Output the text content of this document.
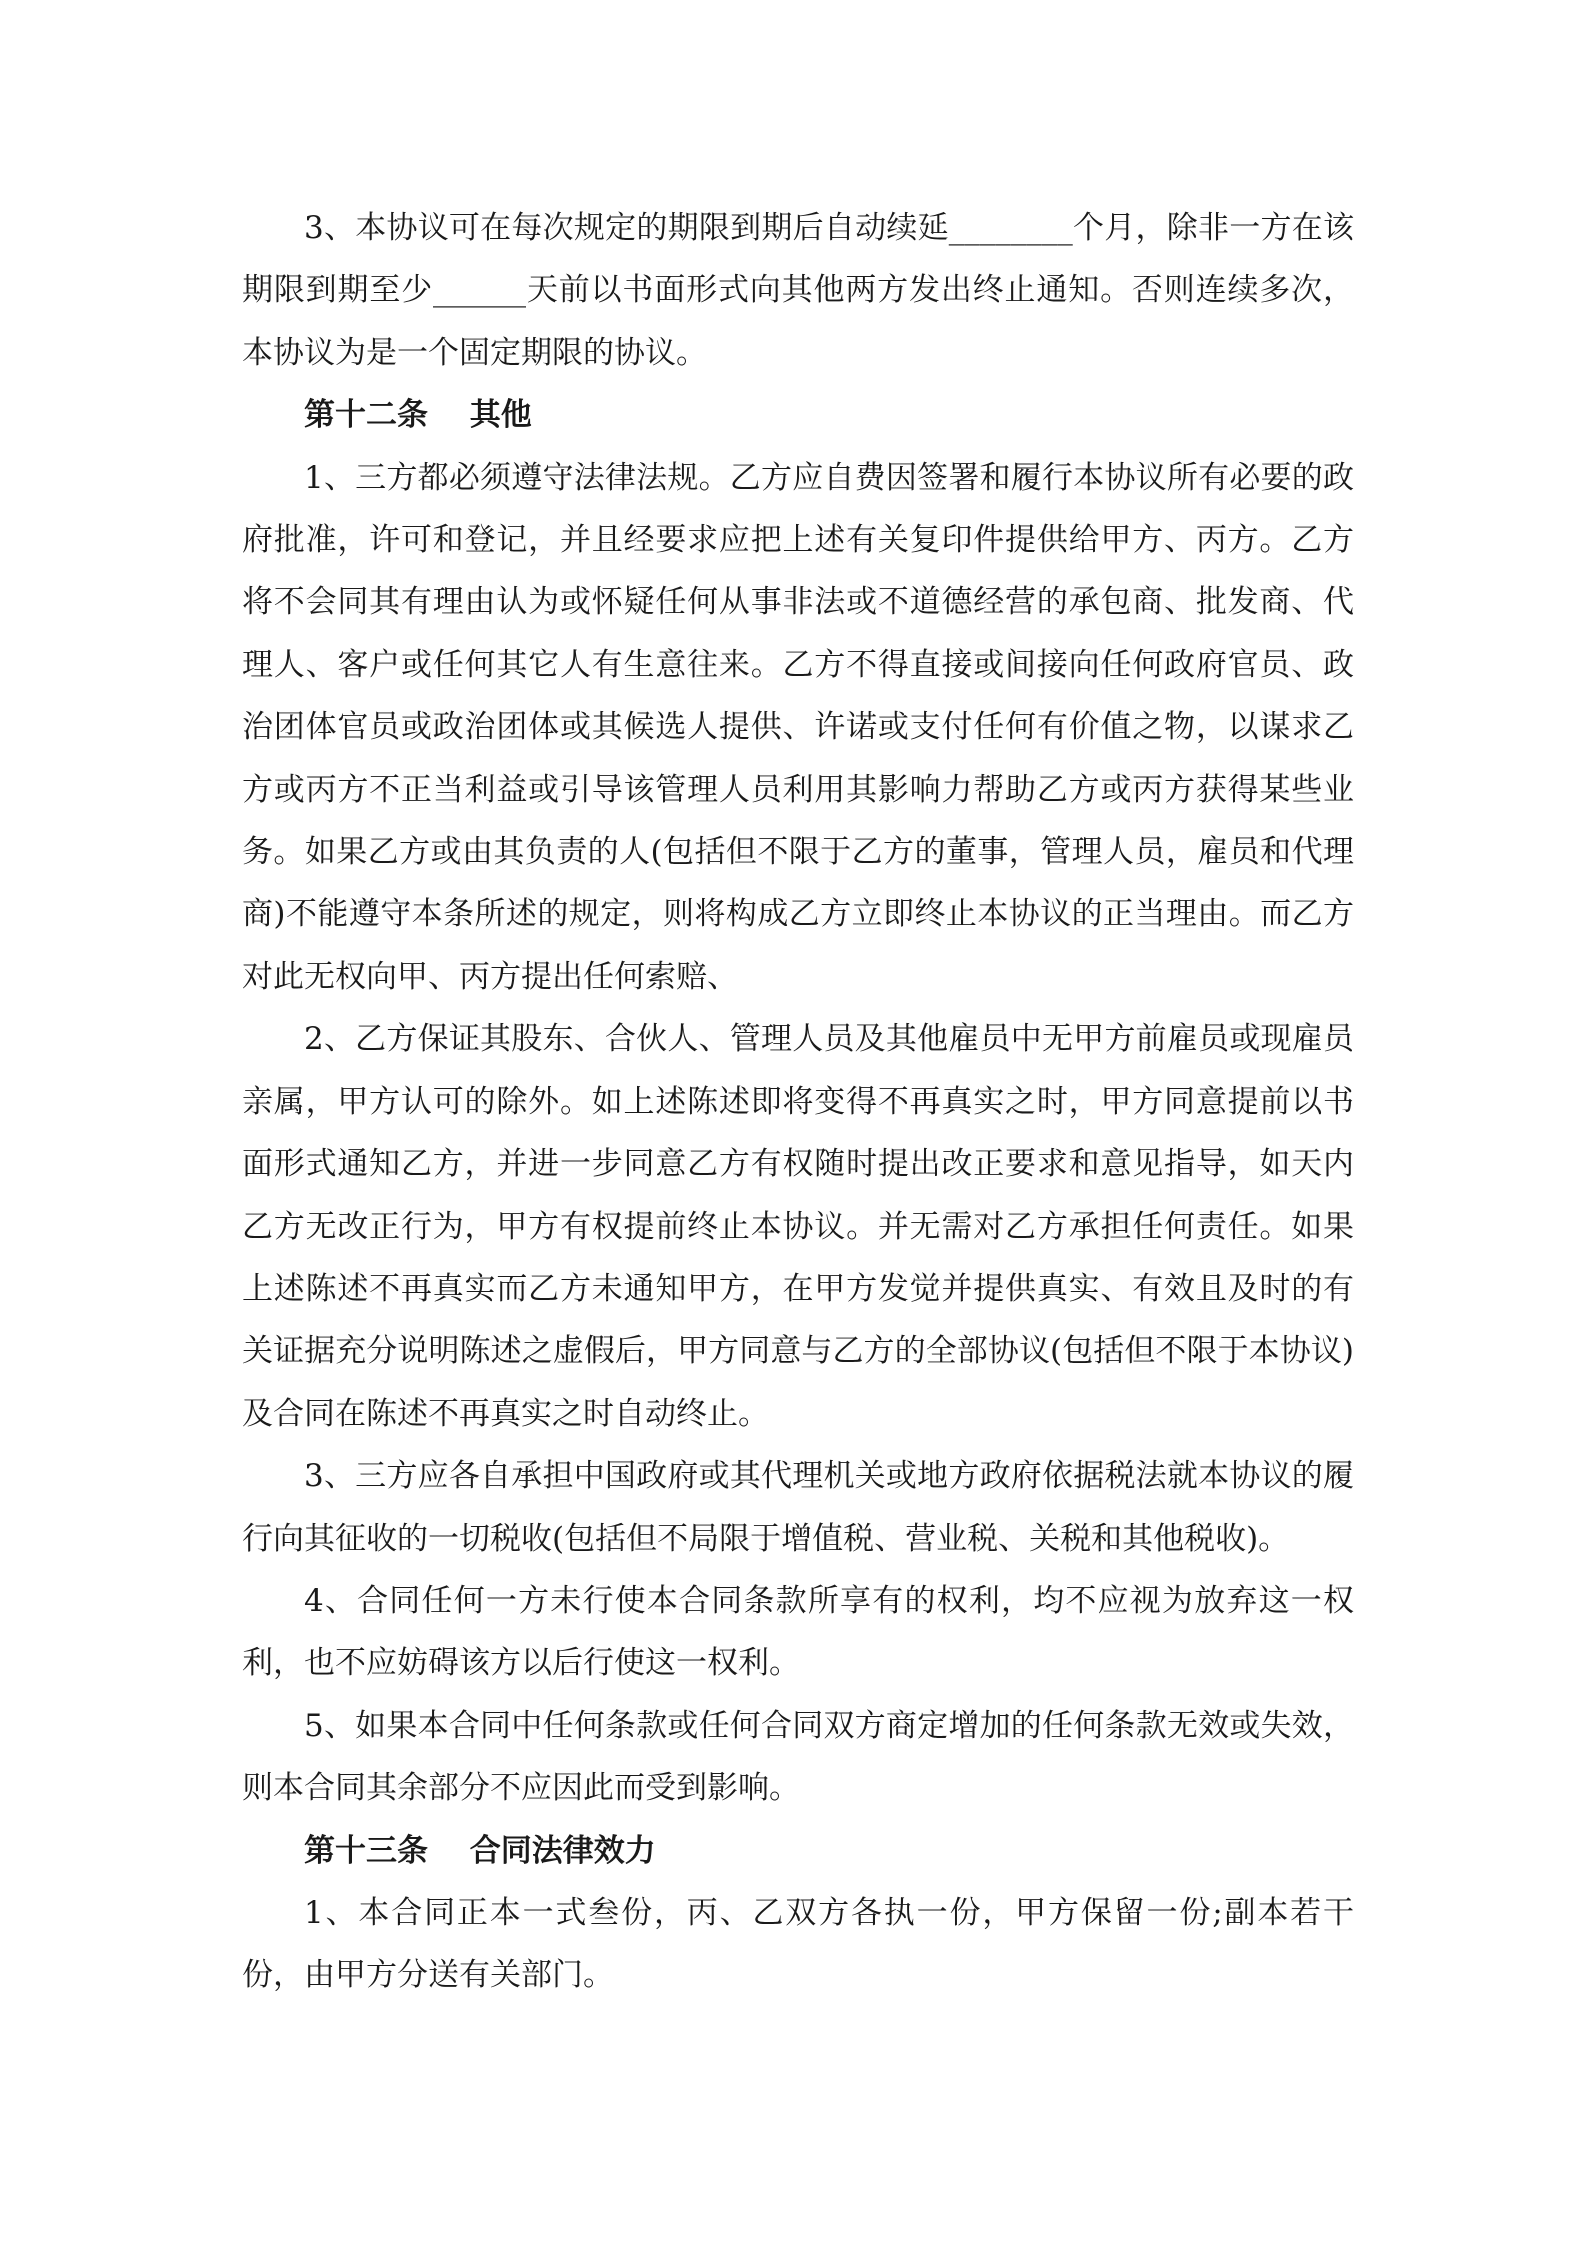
3、本协议可在每次规定的期限到期后自动续延________个月，除非一方在该期限到期至少______天前以书面形式向其他两方发出终止通知。否则连续多次，本协议为是一个固定期限的协议。

第十二条　 其他

1、三方都必须遵守法律法规。乙方应自费因签署和履行本协议所有必要的政府批准，许可和登记，并且经要求应把上述有关复印件提供给甲方、丙方。乙方将不会同其有理由认为或怀疑任何从事非法或不道德经营的承包商、批发商、代理人、客户或任何其它人有生意往来。乙方不得直接或间接向任何政府官员、政治团体官员或政治团体或其候选人提供、许诺或支付任何有价值之物，以谋求乙方或丙方不正当利益或引导该管理人员利用其影响力帮助乙方或丙方获得某些业务。如果乙方或由其负责的人(包括但不限于乙方的董事，管理人员，雇员和代理商)不能遵守本条所述的规定，则将构成乙方立即终止本协议的正当理由。而乙方对此无权向甲、丙方提出任何索赔、

2、乙方保证其股东、合伙人、管理人员及其他雇员中无甲方前雇员或现雇员亲属，甲方认可的除外。如上述陈述即将变得不再真实之时，甲方同意提前以书面形式通知乙方，并进一步同意乙方有权随时提出改正要求和意见指导，如天内乙方无改正行为，甲方有权提前终止本协议。并无需对乙方承担任何责任。如果上述陈述不再真实而乙方未通知甲方，在甲方发觉并提供真实、有效且及时的有关证据充分说明陈述之虚假后，甲方同意与乙方的全部协议(包括但不限于本协议)及合同在陈述不再真实之时自动终止。

3、三方应各自承担中国政府或其代理机关或地方政府依据税法就本协议的履行向其征收的一切税收(包括但不局限于增值税、营业税、关税和其他税收)。

4、合同任何一方未行使本合同条款所享有的权利，均不应视为放弃这一权利，也不应妨碍该方以后行使这一权利。

5、如果本合同中任何条款或任何合同双方商定增加的任何条款无效或失效，则本合同其余部分不应因此而受到影响。

第十三条　 合同法律效力

1、本合同正本一式叁份，丙、乙双方各执一份，甲方保留一份;副本若干份，由甲方分送有关部门。
